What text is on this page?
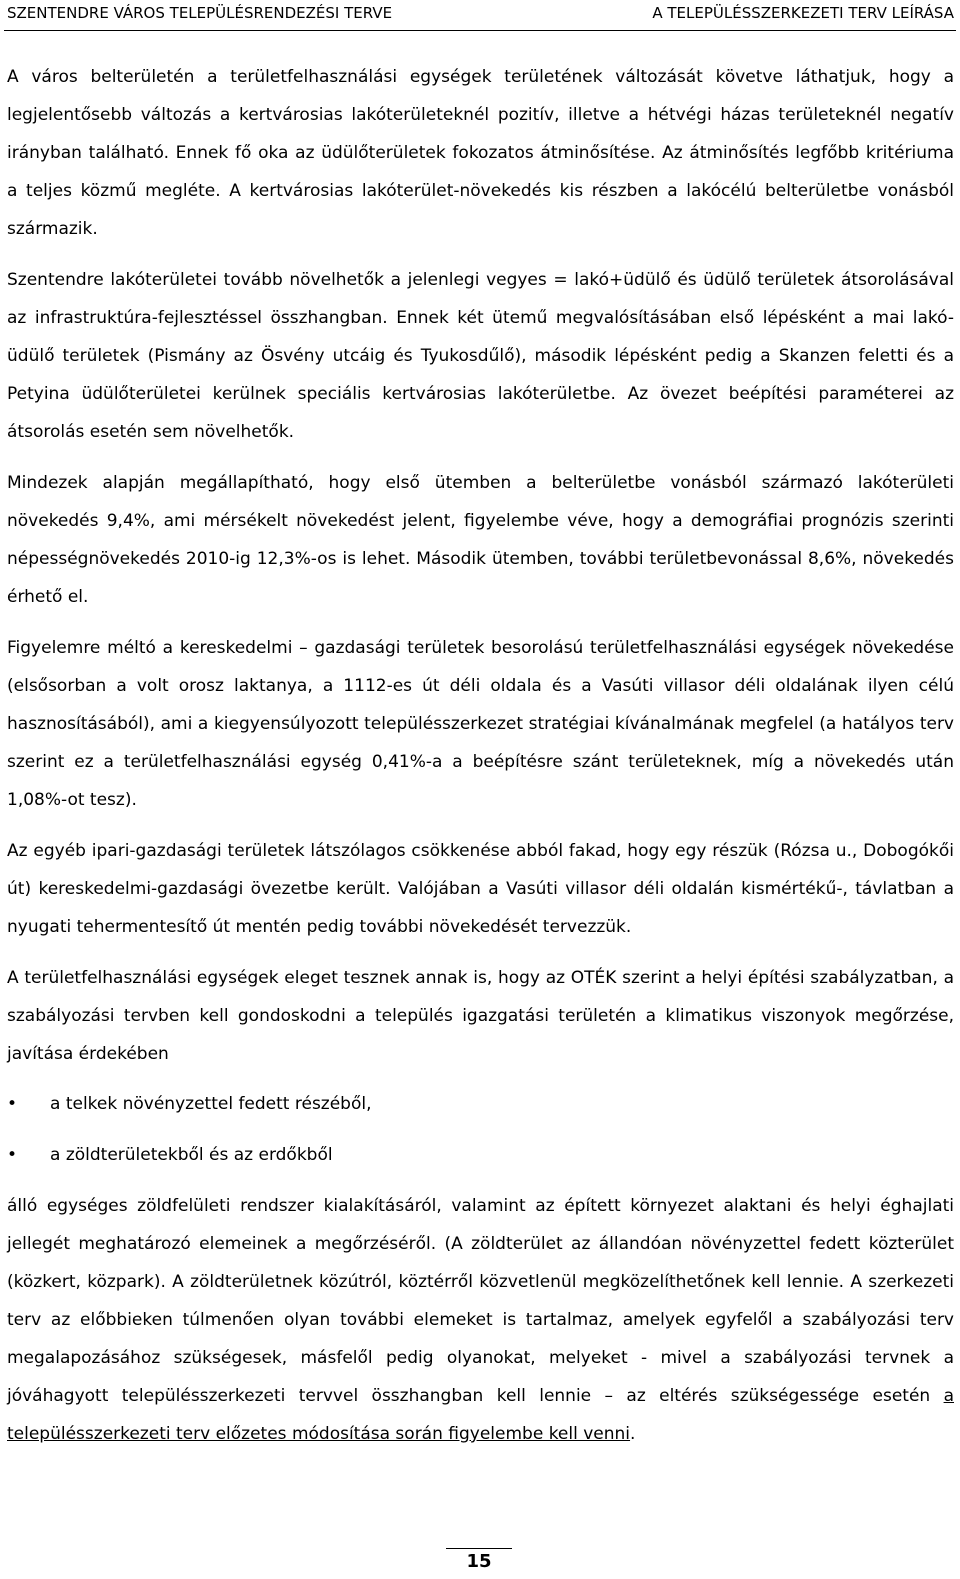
SZENTENDRE VÁROS TELEPÜLÉSRENDEZÉSI TERVE	A TELEPÜLÉSSZERKEZETI TERV LEÍRÁSA

A város belterületén a területfelhasználási egységek területének változását követve láthatjuk, hogy a legjelentősebb változás a kertvárosias lakóterületeknél pozitív, illetve a hétvégi házas területeknél negatív irányban található. Ennek fő oka az üdülőterületek fokozatos átminősítése. Az átminősítés legfőbb kritériuma a teljes közmű megléte. A kertvárosias lakóterület-növekedés kis részben a lakócélú belterületbe vonásból származik.

Szentendre lakóterületei tovább növelhetők a jelenlegi vegyes = lakó+üdülő és üdülő területek átsorolásával az infrastruktúra-fejlesztéssel összhangban. Ennek két ütemű megvalósításában első lépésként a mai lakó-üdülő területek (Pismány az Ösvény utcáig és Tyukosdűlő), második lépésként pedig a Skanzen feletti és a Petyina üdülőterületei kerülnek speciális kertvárosias lakóterületbe. Az övezet beépítési paraméterei az átsorolás esetén sem növelhetők.

Mindezek alapján megállapítható, hogy első ütemben a belterületbe vonásból származó lakóterületi növekedés 9,4%, ami mérsékelt növekedést jelent, figyelembe véve, hogy a demográfiai prognózis szerinti népességnövekedés 2010-ig 12,3%-os is lehet. Második ütemben, további területbevonással 8,6%, növekedés érhető el.

Figyelemre méltó a kereskedelmi – gazdasági területek besorolású területfelhasználási egységek növekedése (elsősorban a volt orosz laktanya, a 1112-es út déli oldala és a Vasúti villasor déli oldalának ilyen célú hasznosításából), ami a kiegyensúlyozott településszerkezet stratégiai kívánalmának megfelel (a hatályos terv szerint ez a területfelhasználási egység 0,41%-a a beépítésre szánt területeknek, míg a növekedés után 1,08%-ot tesz).

Az egyéb ipari-gazdasági területek látszólagos csökkenése abból fakad, hogy egy részük (Rózsa u., Dobogókői út) kereskedelmi-gazdasági övezetbe került. Valójában a Vasúti villasor déli oldalán kismértékű-, távlatban a nyugati tehermentesítő út mentén pedig további növekedését tervezzük.

A területfelhasználási egységek eleget tesznek annak is, hogy az OTÉK szerint a helyi építési szabályzatban, a szabályozási tervben kell gondoskodni a település igazgatási területén a klimatikus viszonyok megőrzése, javítása érdekében

• a telkek növényzettel fedett részéből,
• a zöldterületekből és az erdőkből

álló egységes zöldfelületi rendszer kialakításáról, valamint az épített környezet alaktani és helyi éghajlati jellegét meghatározó elemeinek a megőrzéséről. (A zöldterület az állandóan növényzettel fedett közterület (közkert, közpark). A zöldterületnek közútról, köztérről közvetlenül megközelíthetőnek kell lennie. A szerkezeti terv az előbbieken túlmenően olyan további elemeket is tartalmaz, amelyek egyfelől a szabályozási terv megalapozásához szükségesek, másfelől pedig olyanokat, melyeket - mivel a szabályozási tervnek a jóváhagyott településszerkezeti tervvel összhangban kell lennie – az eltérés szükségessége esetén a településszerkezeti terv előzetes módosítása során figyelembe kell venni.

15
